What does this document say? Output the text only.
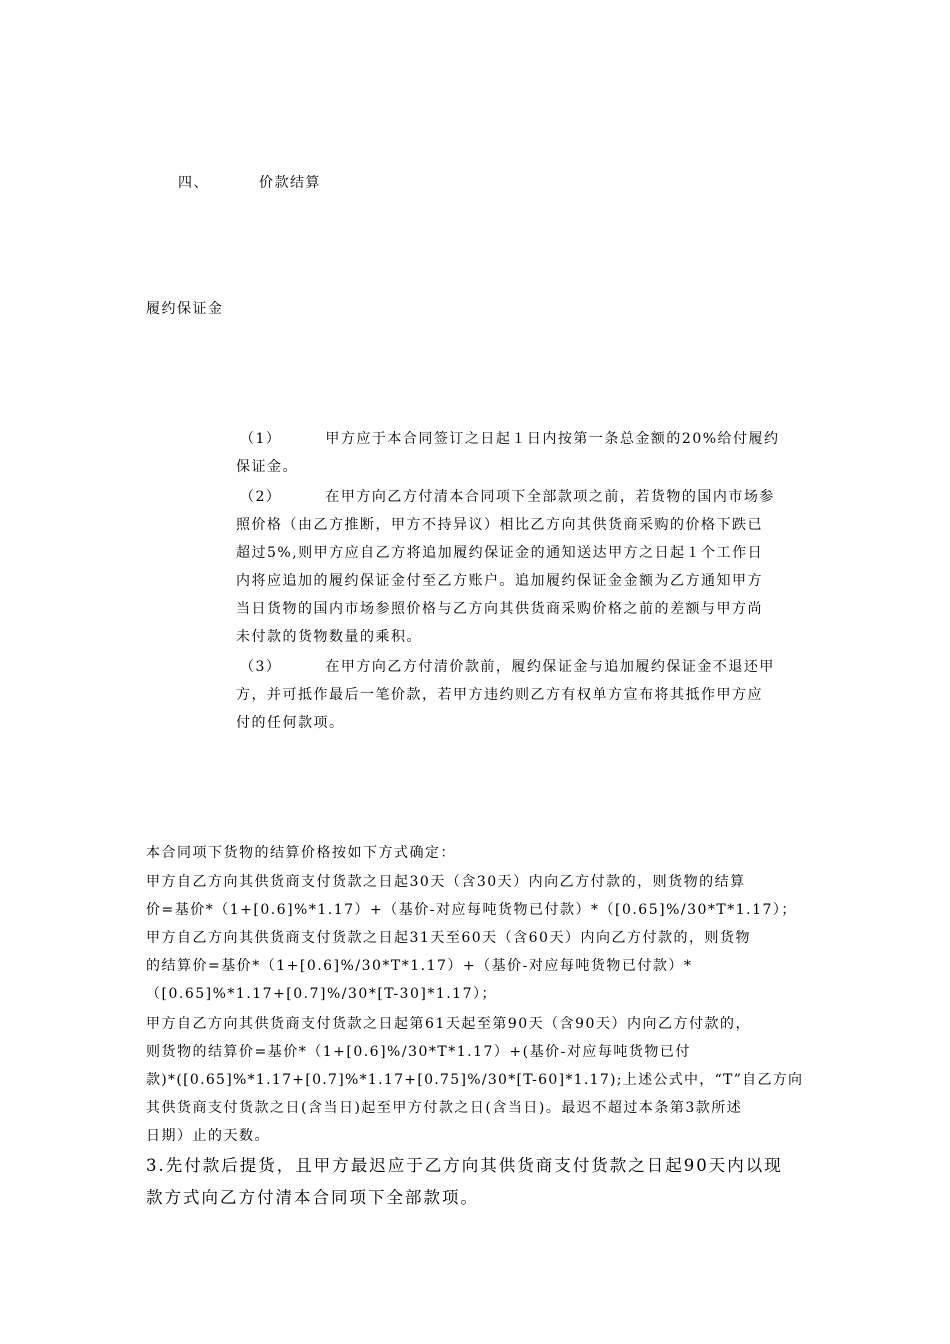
四、	价款结算
履约保证金
（1）	甲方应于本合同签订之日起１日内按第一条总金额的20%给付履约
保证金。
（2）	在甲方向乙方付清本合同项下全部款项之前，若货物的国内市场参
照价格（由乙方推断，甲方不持异议）相比乙方向其供货商采购的价格下跌已
超过5%,则甲方应自乙方将追加履约保证金的通知送达甲方之日起１个工作日
内将应追加的履约保证金付至乙方账户。追加履约保证金金额为乙方通知甲方
当日货物的国内市场参照价格与乙方向其供货商采购价格之前的差额与甲方尚
未付款的货物数量的乘积。
（3）	在甲方向乙方付清价款前，履约保证金与追加履约保证金不退还甲
方，并可抵作最后一笔价款，若甲方违约则乙方有权单方宣布将其抵作甲方应
付的任何款项。
本合同项下货物的结算价格按如下方式确定：
甲方自乙方向其供货商支付货款之日起30天（含30天）内向乙方付款的，则货物的结算
价=基价*（1+[0.6]%*1.17）+（基价-对应每吨货物已付款）*（[0.65]%/30*T*1.17）；
甲方自乙方向其供货商支付货款之日起31天至60天（含60天）内向乙方付款的，则货物
的结算价=基价*（1+[0.6]%/30*T*1.17）+（基价-对应每吨货物已付款）*
（[0.65]%*1.17+[0.7]%/30*[T-30]*1.17）；
甲方自乙方向其供货商支付货款之日起第61天起至第90天（含90天）内向乙方付款的，
则货物的结算价=基价*（1+[0.6]%/30*T*1.17）+(基价-对应每吨货物已付
款)*([0.65]%*1.17+[0.7]%*1.17+[0.75]%/30*[T-60]*1.17);上述公式中，“T”自乙方向
其供货商支付货款之日(含当日)起至甲方付款之日(含当日)。最迟不超过本条第3款所述
日期）止的天数。
3.先付款后提货，且甲方最迟应于乙方向其供货商支付货款之日起90天内以现
款方式向乙方付清本合同项下全部款项。
